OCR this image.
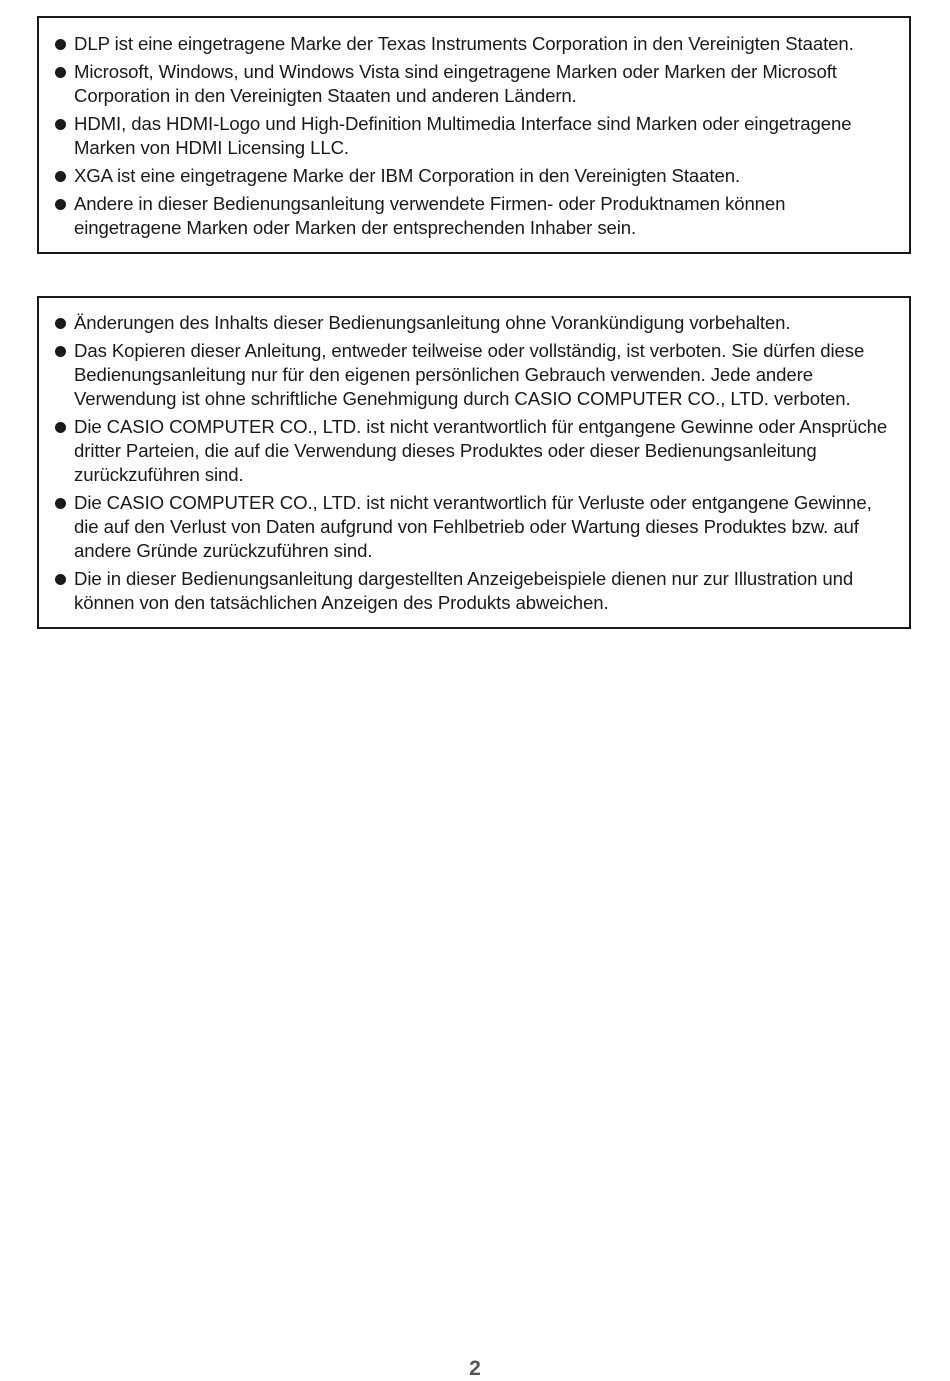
DLP ist eine eingetragene Marke der Texas Instruments Corporation in den Vereinigten Staaten.
Microsoft, Windows, und Windows Vista sind eingetragene Marken oder Marken der Microsoft Corporation in den Vereinigten Staaten und anderen Ländern.
HDMI, das HDMI-Logo und High-Definition Multimedia Interface sind Marken oder eingetragene Marken von HDMI Licensing LLC.
XGA ist eine eingetragene Marke der IBM Corporation in den Vereinigten Staaten.
Andere in dieser Bedienungsanleitung verwendete Firmen- oder Produktnamen können eingetragene Marken oder Marken der entsprechenden Inhaber sein.
Änderungen des Inhalts dieser Bedienungsanleitung ohne Vorankündigung vorbehalten.
Das Kopieren dieser Anleitung, entweder teilweise oder vollständig, ist verboten. Sie dürfen diese Bedienungsanleitung nur für den eigenen persönlichen Gebrauch verwenden. Jede andere Verwendung ist ohne schriftliche Genehmigung durch CASIO COMPUTER CO., LTD. verboten.
Die CASIO COMPUTER CO., LTD. ist nicht verantwortlich für entgangene Gewinne oder Ansprüche dritter Parteien, die auf die Verwendung dieses Produktes oder dieser Bedienungsanleitung zurückzuführen sind.
Die CASIO COMPUTER CO., LTD. ist nicht verantwortlich für Verluste oder entgangene Gewinne, die auf den Verlust von Daten aufgrund von Fehlbetrieb oder Wartung dieses Produktes bzw. auf andere Gründe zurückzuführen sind.
Die in dieser Bedienungsanleitung dargestellten Anzeigebeispiele dienen nur zur Illustration und können von den tatsächlichen Anzeigen des Produkts abweichen.
2
